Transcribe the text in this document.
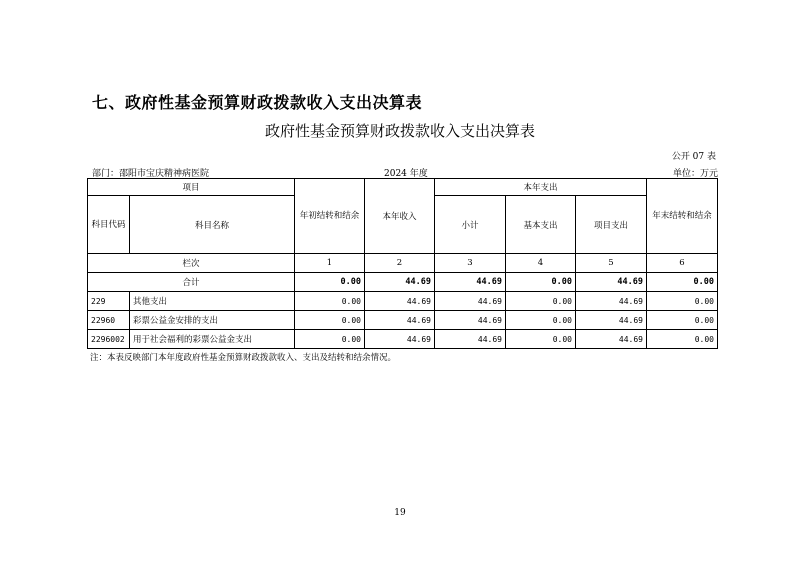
七、政府性基金预算财政拨款收入支出决算表
政府性基金预算财政拨款收入支出决算表
公开 07 表
部门：邵阳市宝庆精神病医院	2024 年度	单位：万元
项目		年初结转和结余	本年收入	本年支出			年末结转和结余
科目代码	科目名称			小计	基本支出	项目支出	
栏次		1	2	3	4	5	6
合计		0.00	44.69	44.69	0.00	44.69	0.00
229	其他支出	0.00	44.69	44.69	0.00	44.69	0.00
22960	彩票公益金安排的支出	0.00	44.69	44.69	0.00	44.69	0.00
2296002	用于社会福利的彩票公益金支出	0.00	44.69	44.69	0.00	44.69	0.00
注：本表反映部门本年度政府性基金预算财政拨款收入、支出及结转和结余情况。
19
